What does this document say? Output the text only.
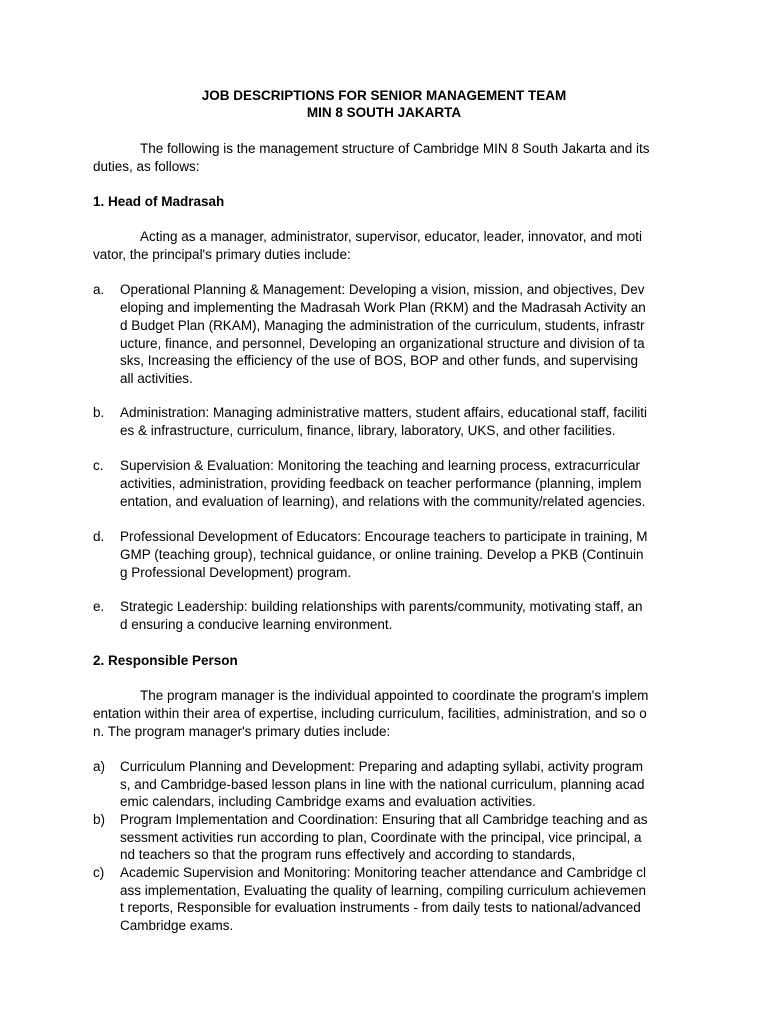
JOB DESCRIPTIONS FOR SENIOR MANAGEMENT TEAM
MIN 8 SOUTH JAKARTA
The following is the management structure of Cambridge MIN 8 South Jakarta and its
duties, as follows:
1. Head of Madrasah
Acting as a manager, administrator, supervisor, educator, leader, innovator, and moti
vator, the principal's primary duties include:
a. Operational Planning & Management: Developing a vision, mission, and objectives, Dev
eloping and implementing the Madrasah Work Plan (RKM) and the Madrasah Activity an
d Budget Plan (RKAM), Managing the administration of the curriculum, students, infrastr
ucture, finance, and personnel, Developing an organizational structure and division of ta
sks, Increasing the efficiency of the use of BOS, BOP and other funds, and supervising
all activities.
b. Administration: Managing administrative matters, student affairs, educational staff, faciliti
es & infrastructure, curriculum, finance, library, laboratory, UKS, and other facilities.
c. Supervision & Evaluation: Monitoring the teaching and learning process, extracurricular
activities, administration, providing feedback on teacher performance (planning, implem
entation, and evaluation of learning), and relations with the community/related agencies.
d. Professional Development of Educators: Encourage teachers to participate in training, M
GMP (teaching group), technical guidance, or online training. Develop a PKB (Continuin
g Professional Development) program.
e. Strategic Leadership: building relationships with parents/community, motivating staff, an
d ensuring a conducive learning environment.
2. Responsible Person
The program manager is the individual appointed to coordinate the program's implem
entation within their area of expertise, including curriculum, facilities, administration, and so o
n. The program manager's primary duties include:
a) Curriculum Planning and Development: Preparing and adapting syllabi, activity program
s, and Cambridge-based lesson plans in line with the national curriculum, planning acad
emic calendars, including Cambridge exams and evaluation activities.
b) Program Implementation and Coordination: Ensuring that all Cambridge teaching and as
sessment activities run according to plan, Coordinate with the principal, vice principal, a
nd teachers so that the program runs effectively and according to standards,
c) Academic Supervision and Monitoring: Monitoring teacher attendance and Cambridge cl
ass implementation, Evaluating the quality of learning, compiling curriculum achievemen
t reports, Responsible for evaluation instruments - from daily tests to national/advanced
Cambridge exams.
